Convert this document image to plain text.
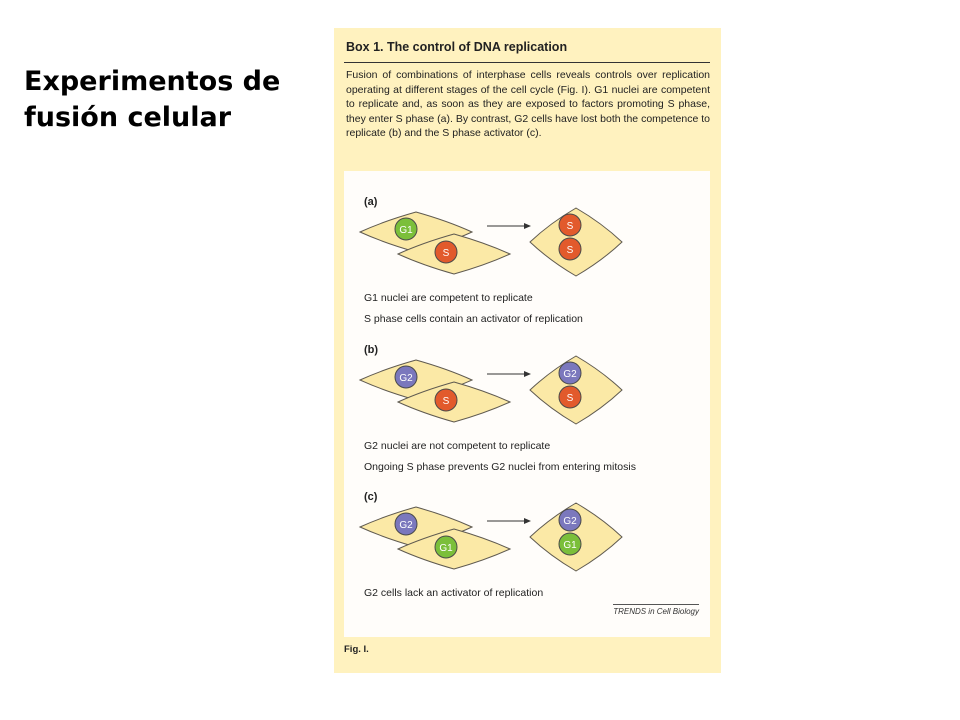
Experimentos de
fusión celular
Box 1. The control of DNA replication
Fusion of combinations of interphase cells reveals controls over replication operating at different stages of the cell cycle (Fig. I). G1 nuclei are competent to replicate and, as soon as they are exposed to factors promoting S phase, they enter S phase (a). By contrast, G2 cells have lost both the competence to replicate (b) and the S phase activator (c).
(a)
G1
S
S
S
G1 nuclei are competent to replicate
S phase cells contain an activator of replication
(b)
G2
S
G2
S
G2 nuclei are not competent to replicate
Ongoing S phase prevents G2 nuclei from entering mitosis
(c)
G2
G1
G2
G1
G2 cells lack an activator of replication
TRENDS in Cell Biology
Fig. I.
